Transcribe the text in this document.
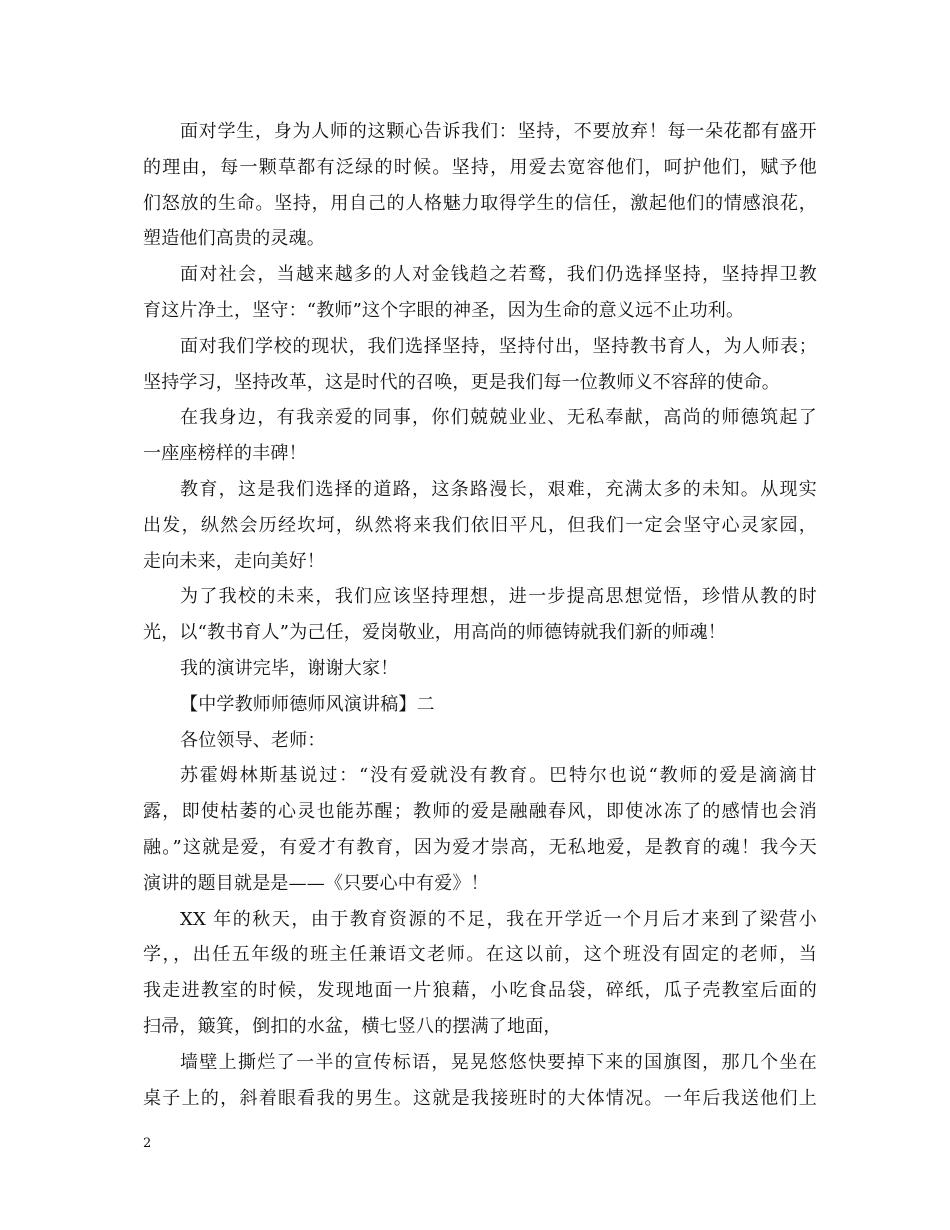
面对学生，身为人师的这颗心告诉我们：坚持，不要放弃！每一朵花都有盛开
的理由，每一颗草都有泛绿的时候。坚持，用爱去宽容他们，呵护他们，赋予他
们怒放的生命。坚持，用自己的人格魅力取得学生的信任，激起他们的情感浪花，
塑造他们高贵的灵魂。
面对社会，当越来越多的人对金钱趋之若鹜，我们仍选择坚持，坚持捍卫教
育这片净土，坚守：“教师”这个字眼的神圣，因为生命的意义远不止功利。
面对我们学校的现状，我们选择坚持，坚持付出，坚持教书育人，为人师表；
坚持学习，坚持改革，这是时代的召唤，更是我们每一位教师义不容辞的使命。
在我身边，有我亲爱的同事，你们兢兢业业、无私奉献，高尚的师德筑起了
一座座榜样的丰碑！
教育，这是我们选择的道路，这条路漫长，艰难，充满太多的未知。从现实
出发，纵然会历经坎坷，纵然将来我们依旧平凡，但我们一定会坚守心灵家园，
走向未来，走向美好！
为了我校的未来，我们应该坚持理想，进一步提高思想觉悟，珍惜从教的时
光，以“教书育人”为己任，爱岗敬业，用高尚的师德铸就我们新的师魂！
我的演讲完毕，谢谢大家！
【中学教师师德师风演讲稿】二
各位领导、老师：
苏霍姆林斯基说过：“没有爱就没有教育。巴特尔也说“教师的爱是滴滴甘
露，即使枯萎的心灵也能苏醒；教师的爱是融融春风，即使冰冻了的感情也会消
融。”这就是爱，有爱才有教育，因为爱才崇高，无私地爱，是教育的魂！我今天
演讲的题目就是是——《只要心中有爱》！
XX 年的秋天，由于教育资源的不足，我在开学近一个月后才来到了梁营小
学，，出任五年级的班主任兼语文老师。在这以前，这个班没有固定的老师，当
我走进教室的时候，发现地面一片狼藉，小吃食品袋，碎纸，瓜子壳教室后面的
扫帚，簸箕，倒扣的水盆，横七竖八的摆满了地面，
墙壁上撕烂了一半的宣传标语，晃晃悠悠快要掉下来的国旗图，那几个坐在
桌子上的，斜着眼看我的男生。这就是我接班时的大体情况。一年后我送他们上
2
